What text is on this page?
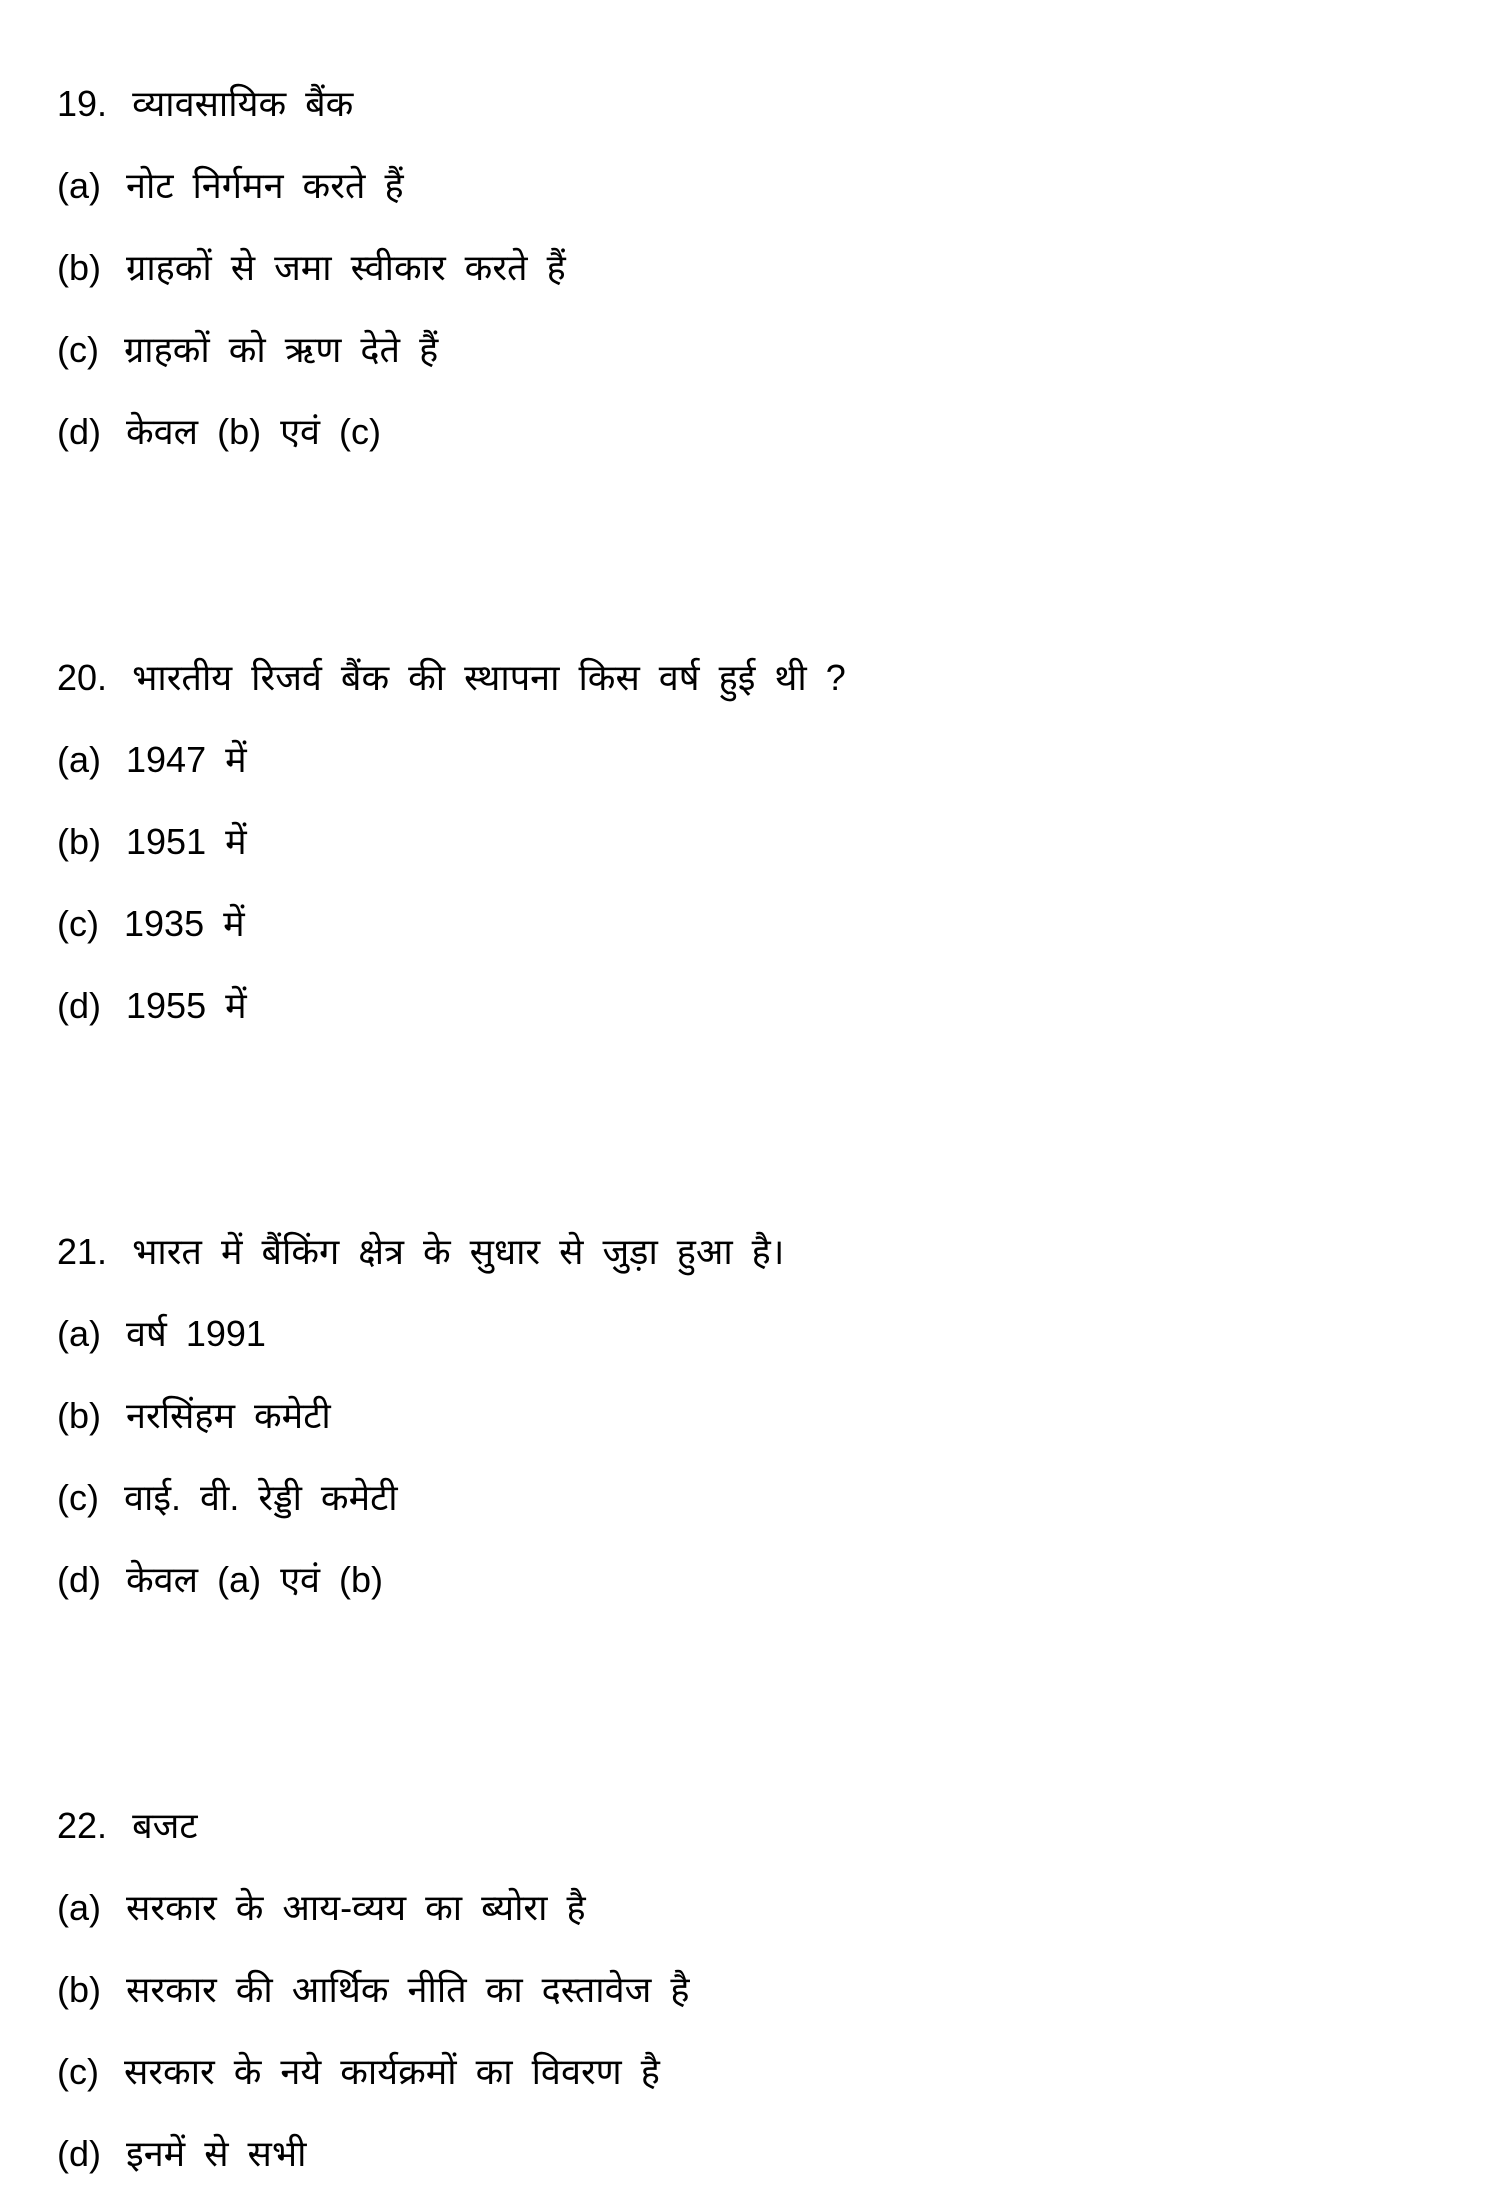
19. व्यावसायिक बैंक
(a) नोट निर्गमन करते हैं
(b) ग्राहकों से जमा स्वीकार करते हैं
(c) ग्राहकों को ऋण देते हैं
(d) केवल (b) एवं (c)
20. भारतीय रिजर्व बैंक की स्थापना किस वर्ष हुई थी ?
(a) 1947 में
(b) 1951 में
(c) 1935 में
(d) 1955 में
21. भारत में बैंकिंग क्षेत्र के सुधार से जुड़ा हुआ है।
(a) वर्ष 1991
(b) नरसिंहम कमेटी
(c) वाई. वी. रेड्डी कमेटी
(d) केवल (a) एवं (b)
22. बजट
(a) सरकार के आय-व्यय का ब्योरा है
(b) सरकार की आर्थिक नीति का दस्तावेज है
(c) सरकार के नये कार्यक्रमों का विवरण है
(d) इनमें से सभी
